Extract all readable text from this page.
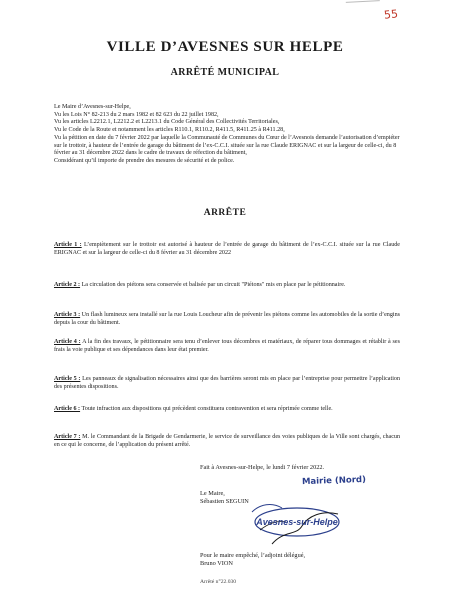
55
VILLE D’AVESNES SUR HELPE
ARRÊTÉ MUNICIPAL

Le Maire d’Avesnes-sur-Helpe,

Vu les Lois N° 82-213 du 2 mars 1982 et 82 623 du 22 juillet 1982,

Vu les articles L2212.1, L2212.2 et L2213.1 du Code Général des Collectivités Territoriales,

Vu le Code de la Route et notamment les articles R110.1, R110.2, R411.5, R411.25 à R411.28,

Vu la pétition en date du 7 février 2022 par laquelle la Communauté de Communes du Cœur de l’Avesnois demande l’autorisation d’empiéter sur le trottoir, à hauteur de l’entrée de garage du bâtiment de l’ex-C.C.I. située sur la rue Claude ERIGNAC et sur la largeur de celle-ci, du 8 février au 31 décembre 2022 dans le cadre de travaux de réfection du bâtiment,

Considérant qu’il importe de prendre des mesures de sécurité et de police.

ARRÊTE

Article 1 : L’empiètement sur le trottoir est autorisé à hauteur de l’entrée de garage du bâtiment de l’ex-C.C.I. située sur la rue Claude ERIGNAC et sur la largeur de celle-ci du 8 février au 31 décembre 2022

Article 2 : La circulation des piétons sera conservée et balisée par un circuit "Piétons" mis en place par le pétitionnaire.

Article 3 : Un flash lumineux sera installé sur la rue Louis Loucheur afin de prévenir les piétons comme les automobiles de la sortie d’engins depuis la cour du bâtiment.

Article 4 : A la fin des travaux, le pétitionnaire sera tenu d’enlever tous décombres et matériaux, de réparer tous dommages et rétablir à ses frais la voie publique et ses dépendances dans leur état premier.

Article 5 : Les panneaux de signalisation nécessaires ainsi que des barrières seront mis en place par l’entreprise pour permettre l’application des présentes dispositions.

Article 6 : Toute infraction aux dispositions qui précèdent constituera contravention et sera réprimée comme telle.

Article 7 : M. le Commandant de la Brigade de Gendarmerie, le service de surveillance des voies publiques de la Ville sont chargés, chacun en ce qui le concerne, de l’application du présent arrêté.

Fait à Avesnes-sur-Helpe, le lundi 7 février 2022.

Le Maire,

Sébastien SEGUIN

Pour le maire empêché, l’adjoint délégué,

Bruno VION

Mairie (Nord)
Avesnes-sur-Helpe
Arrêté n°22.030
